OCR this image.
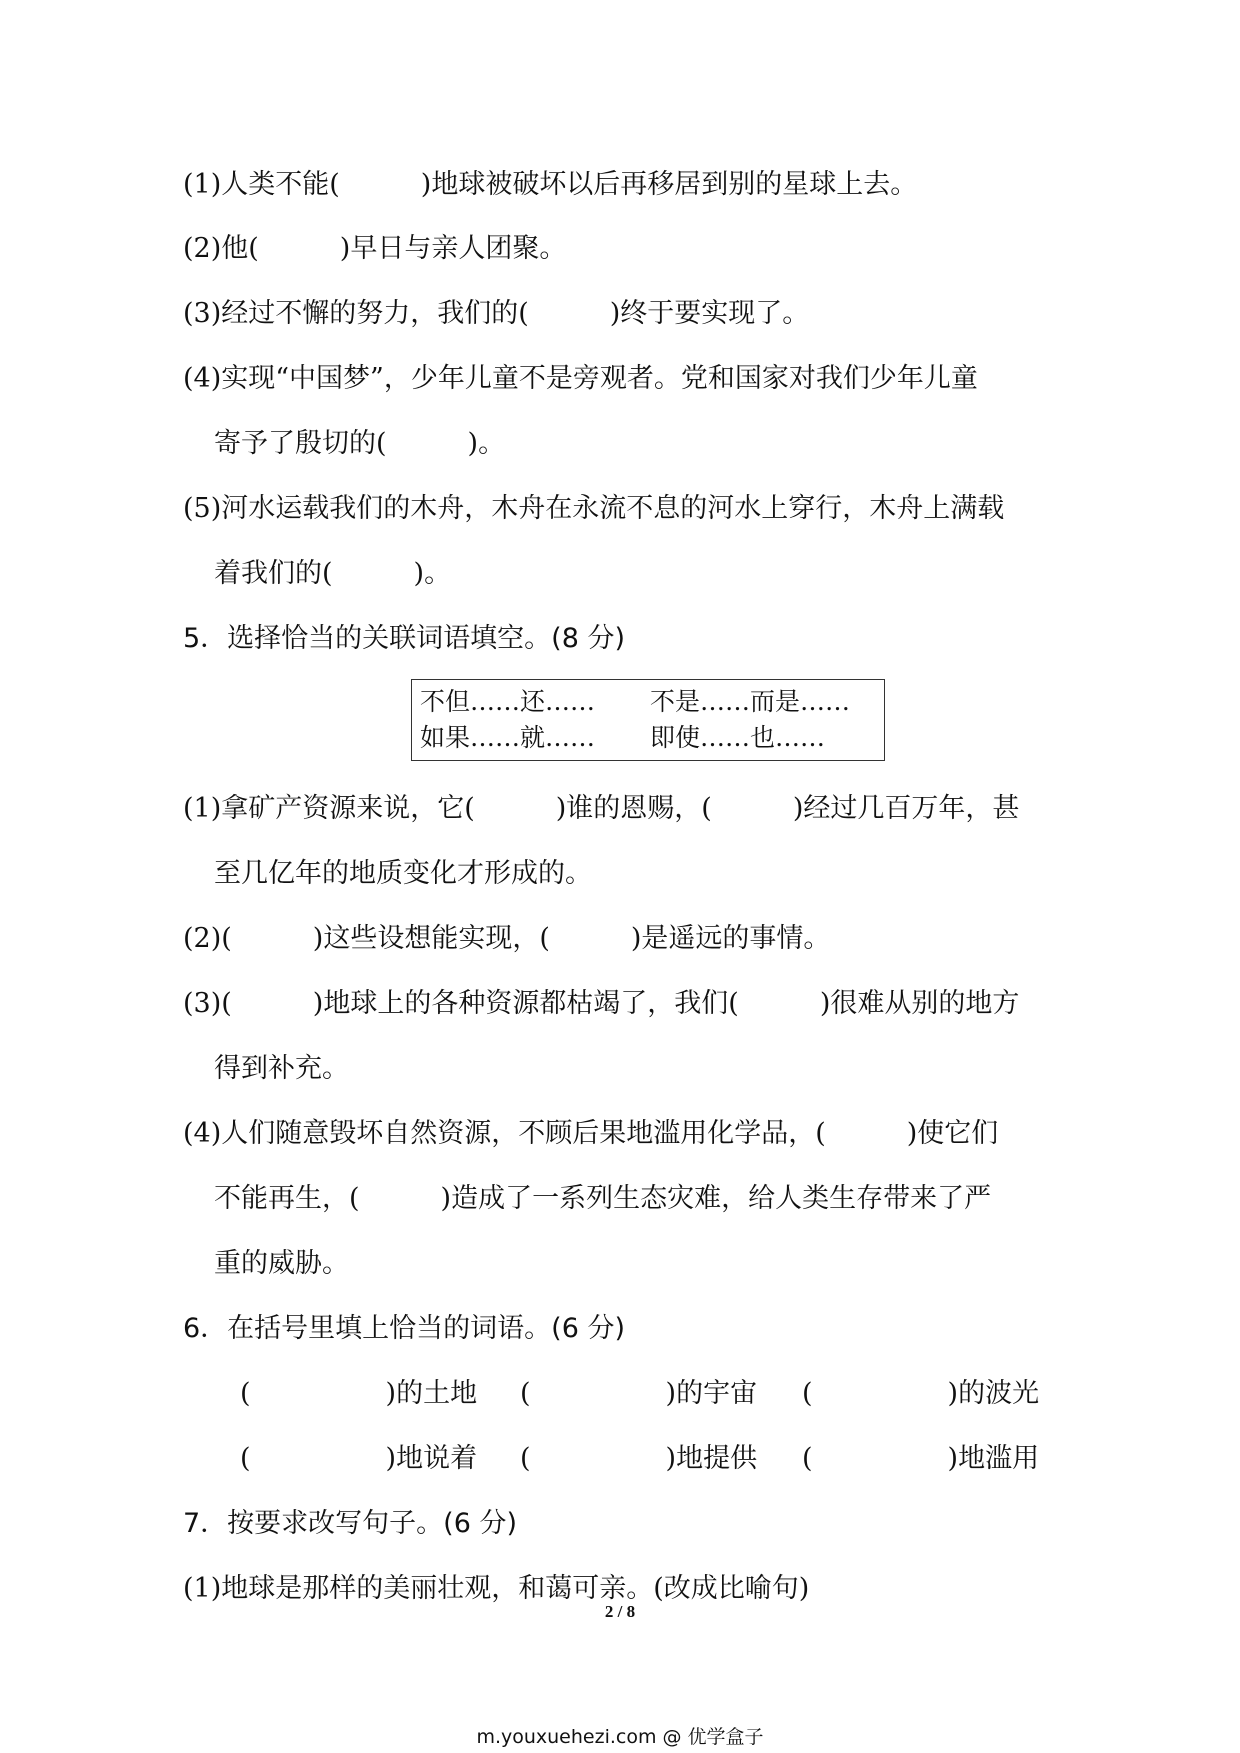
(1)人类不能(　　　)地球被破坏以后再移居到别的星球上去。
(2)他(　　　)早日与亲人团聚。
(3)经过不懈的努力，我们的(　　　)终于要实现了。
(4)实现“中国梦”，少年儿童不是旁观者。党和国家对我们少年儿童
寄予了殷切的(　　　)。
(5)河水运载我们的木舟，木舟在永流不息的河水上穿行，木舟上满载
着我们的(　　　)。
5．选择恰当的关联词语填空。(8 分)
不但……还…… 不是……而是……
如果……就…… 即使……也……
(1)拿矿产资源来说，它(　　　)谁的恩赐，(　　　)经过几百万年，甚
至几亿年的地质变化才形成的。
(2)(　　　)这些设想能实现，(　　　)是遥远的事情。
(3)(　　　)地球上的各种资源都枯竭了，我们(　　　)很难从别的地方
得到补充。
(4)人们随意毁坏自然资源，不顾后果地滥用化学品，(　　　)使它们
不能再生，(　　　)造成了一系列生态灾难，给人类生存带来了严
重的威胁。
6．在括号里填上恰当的词语。(6 分)
(　　　　　)的土地 (　　　　　)的宇宙 (　　　　　)的波光
(　　　　　)地说着 (　　　　　)地提供 (　　　　　)地滥用
7．按要求改写句子。(6 分)
(1)地球是那样的美丽壮观，和蔼可亲。(改成比喻句)
2 / 8
m.youxuehezi.com @ 优学盒子
